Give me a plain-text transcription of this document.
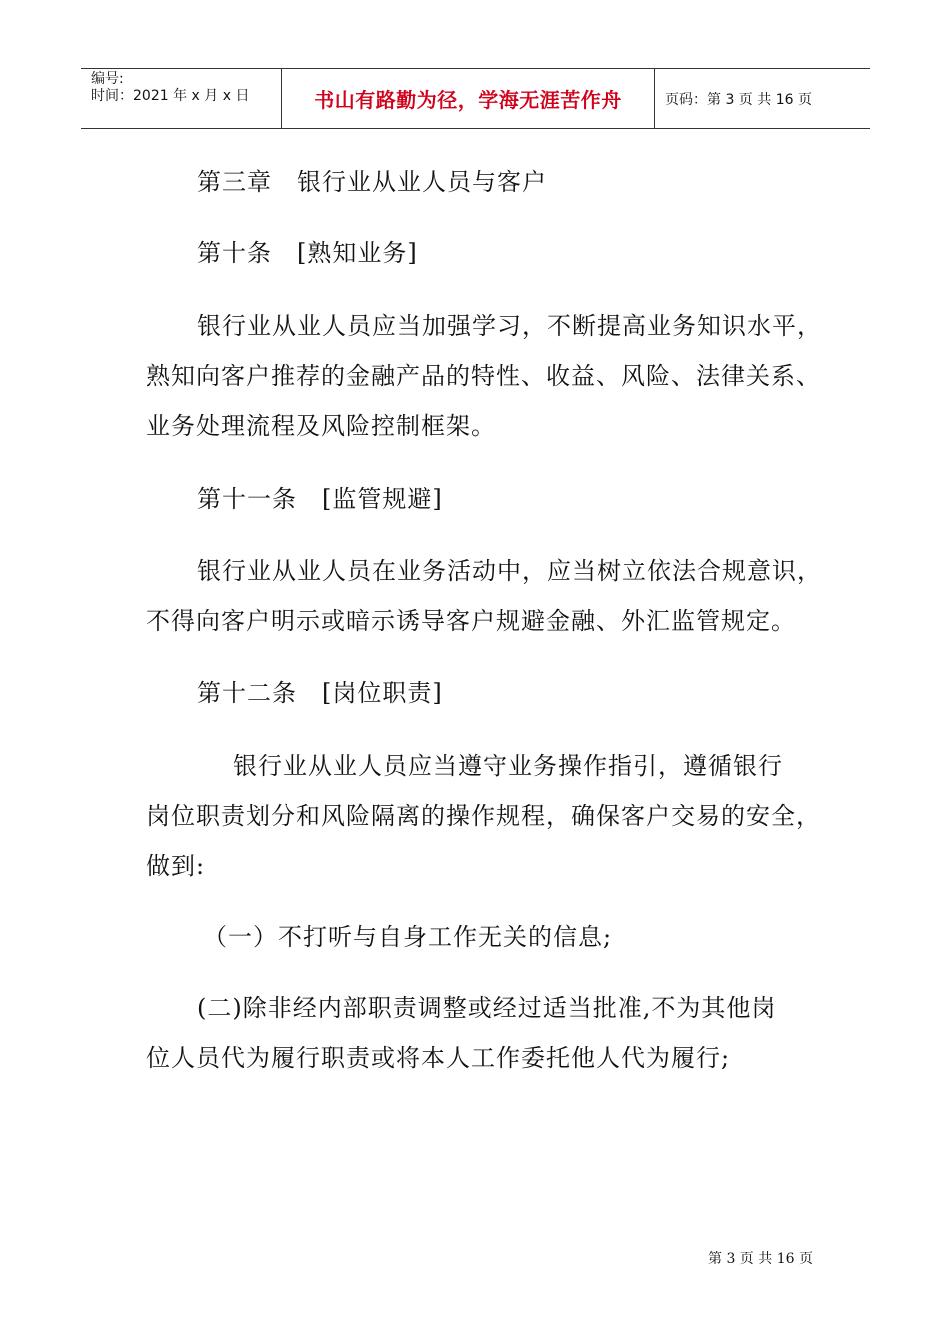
编号:
时间：2021 年 x 月 x 日	书山有路勤为径，学海无涯苦作舟	页码：第 3 页 共 16 页
第三章　银行业从业人员与客户
第十条　[熟知业务]
银行业从业人员应当加强学习，不断提高业务知识水平，
熟知向客户推荐的金融产品的特性、收益、风险、法律关系、
业务处理流程及风险控制框架。
第十一条　[监管规避]
银行业从业人员在业务活动中，应当树立依法合规意识，
不得向客户明示或暗示诱导客户规避金融、外汇监管规定。
第十二条　[岗位职责]
银行业从业人员应当遵守业务操作指引，遵循银行
岗位职责划分和风险隔离的操作规程，确保客户交易的安全，
做到:
（一）不打听与自身工作无关的信息;
(二)除非经内部职责调整或经过适当批准,不为其他岗
位人员代为履行职责或将本人工作委托他人代为履行;
第 3 页 共 16 页
